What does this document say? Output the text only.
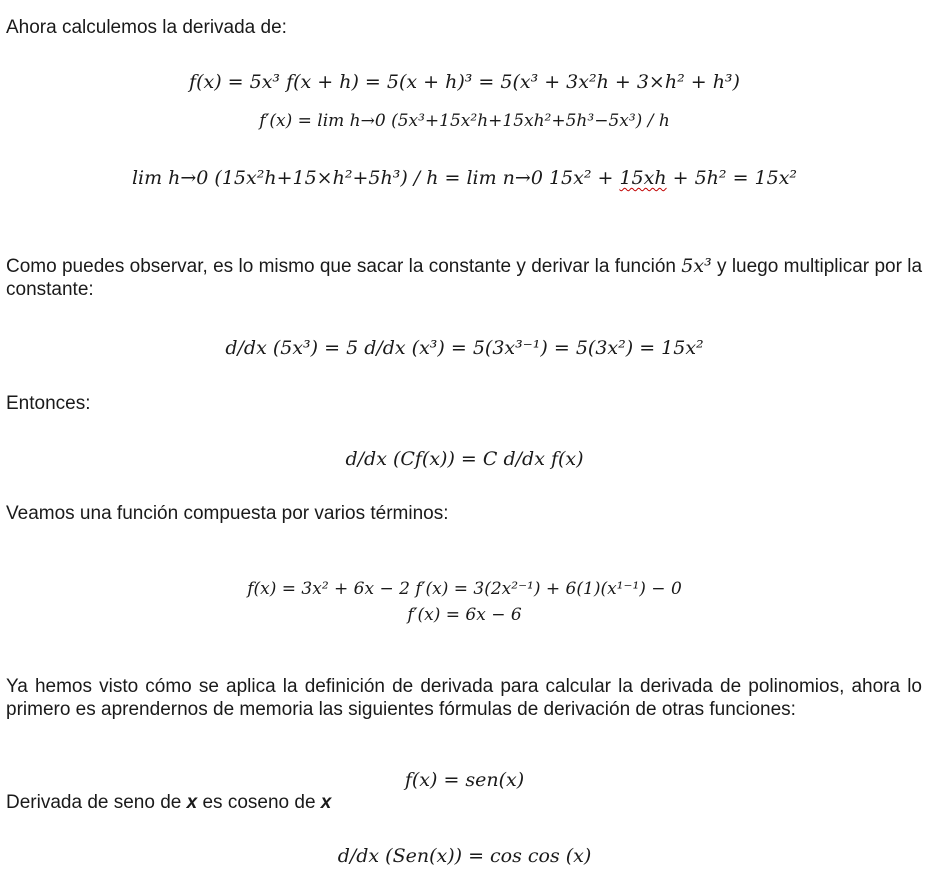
Ahora calculemos la derivada de:

f(x) = 5x³ f(x + h) = 5(x + h)³ = 5(x³ + 3x²h + 3×h² + h³)
f′(x) = lim h→0 (5x³+15x²h+15xh²+5h³−5x³) / h
lim h→0 (15x²h+15×h²+5h³) / h = lim n→0 15x² + 15xh + 5h² = 15x²

Como puedes observar, es lo mismo que sacar la constante y derivar la función 5x³ y luego multiplicar por la constante:

d/dx (5x³) = 5 d/dx (x³) = 5(3x³⁻¹) = 5(3x²) = 15x²

Entonces:

d/dx (Cf(x)) = C d/dx f(x)

Veamos una función compuesta por varios términos:

f(x) = 3x² + 6x − 2 f′(x) = 3(2x²⁻¹) + 6(1)(x¹⁻¹) − 0
f′(x) = 6x − 6

Ya hemos visto cómo se aplica la definición de derivada para calcular la derivada de polinomios, ahora lo primero es aprendernos de memoria las siguientes fórmulas de derivación de otras funciones:

f(x) = sen(x)

Derivada de seno de x es coseno de x

d/dx (Sen(x)) = cos cos (x)
